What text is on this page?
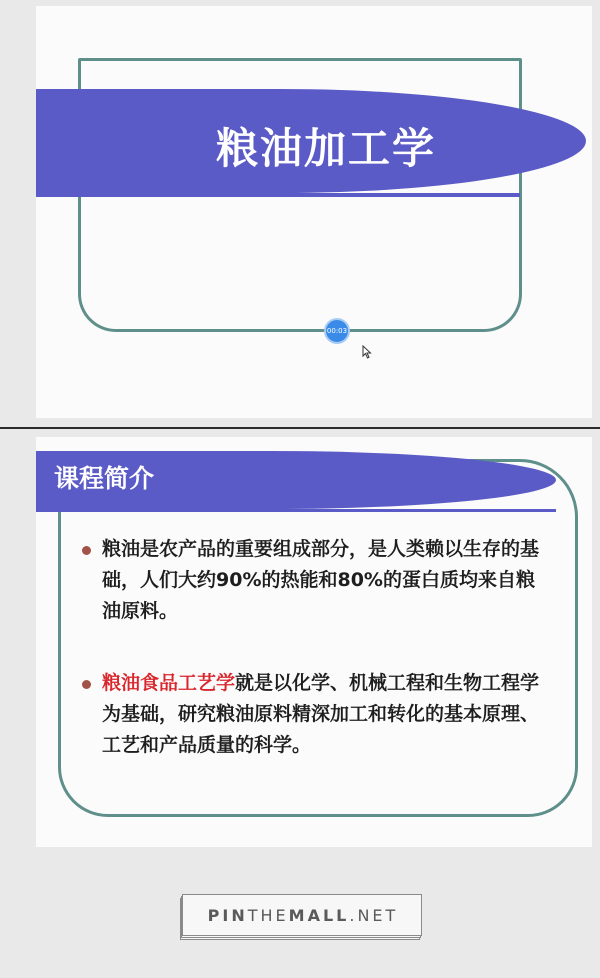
粮油加工学
00:03
课程简介
粮油是农产品的重要组成部分，是人类赖以生存的基础，人们大约90%的热能和80%的蛋白质均来自粮油原料。
粮油食品工艺学就是以化学、机械工程和生物工程学为基础，研究粮油原料精深加工和转化的基本原理、工艺和产品质量的科学。
PINTHEMALL.NET
